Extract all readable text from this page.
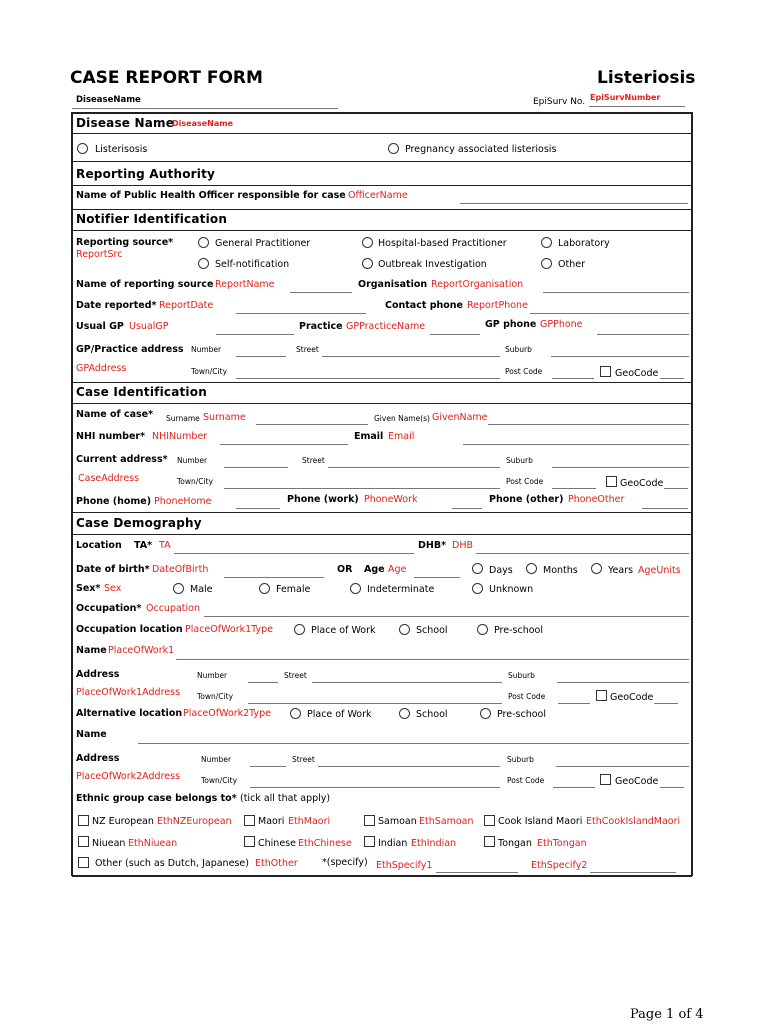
CASE REPORT FORM	Listeriosis
DiseaseName	EpiSurv No. EpiSurvNumber
Disease Name
DiseaseName
Listerisosis	Pregnancy associated listeriosis
Reporting Authority
Name of Public Health Officer responsible for case OfficerName
Notifier Identification
Reporting source*
ReportSrc
General Practitioner	Hospital-based Practitioner	Laboratory
Self-notification	Outbreak Investigation	Other
Name of reporting source ReportName	Organisation ReportOrganisation
Date reported* ReportDate	Contact phone ReportPhone
Usual GP UsualGP	Practice GPPracticeName	GP phone GPPhone
GP/Practice address Number	Street	Suburb
GPAddress	Town/City	Post Code	GeoCode
Case Identification
Name of case* Surname Surname	Given Name(s) GivenName
NHI number* NHINumber	Email Email
Current address* Number	Street	Suburb
CaseAddress	Town/City	Post Code	GeoCode
Phone (home) PhoneHome	Phone (work) PhoneWork	Phone (other) PhoneOther
Case Demography
Location TA* TA	DHB* DHB
Date of birth* DateOfBirth	OR Age Age	Days	Months	Years AgeUnits
Sex* Sex	Male	Female	Indeterminate	Unknown
Occupation* Occupation
Occupation location PlaceOfWork1Type	Place of Work	School	Pre-school
Name PlaceOfWork1
Address	Number	Street	Suburb
PlaceOfWork1Address Town/City	Post Code	GeoCode
Alternative location PlaceOfWork2Type	Place of Work	School	Pre-school
Name
Address	Number	Street	Suburb
PlaceOfWork2Address	Town/City	Post Code	GeoCode
Ethnic group case belongs to* (tick all that apply)
NZ European EthNZEuropean	Maori EthMaori	Samoan EthSamoan	Cook Island Maori EthCookIslandMaori
Niuean EthNiuean	Chinese EthChinese	Indian EthIndian	Tongan EthTongan
Other (such as Dutch, Japanese) EthOther	*(specify) EthSpecify1	EthSpecify2
Page 1 of 4
